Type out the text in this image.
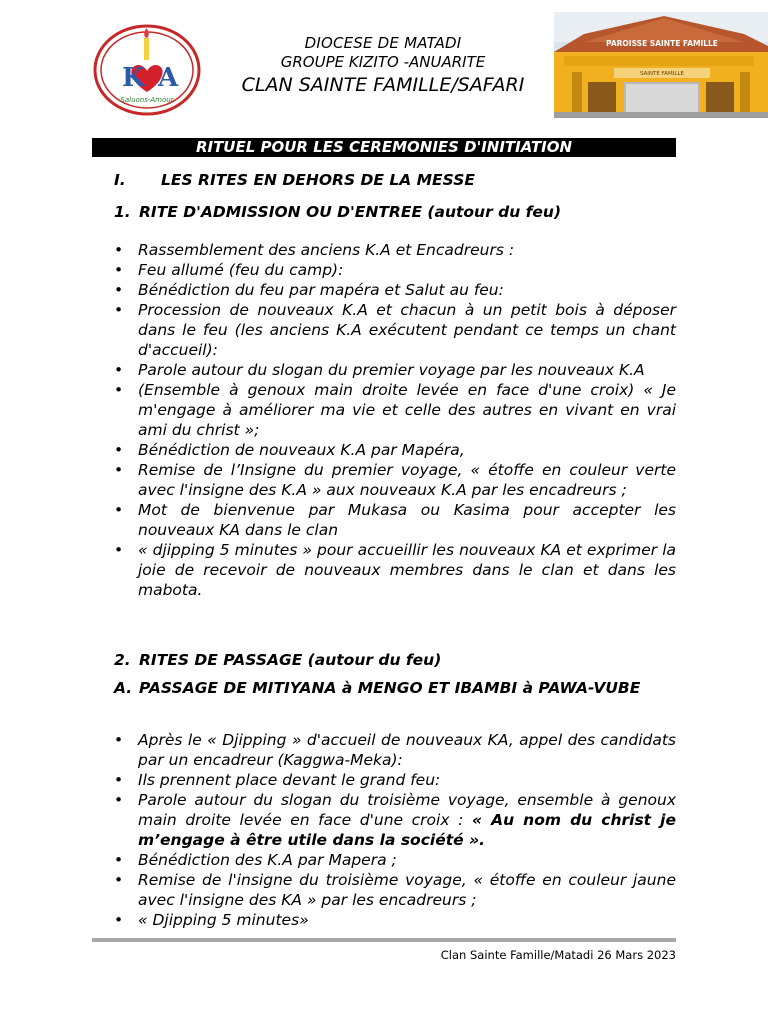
K A
Saluons-Amour
PAROISSE SAINTE FAMILLE
SAINTE FAMILLE
DIOCESE DE MATADI
GROUPE KIZITO -ANUARITE
CLAN SAINTE FAMILLE/SAFARI
RITUEL POUR LES CEREMONIES D'INITIATION
I. LES RITES EN DEHORS DE LA MESSE
1. RITE D'ADMISSION OU D'ENTREE (autour du feu)
• Rassemblement des anciens K.A et Encadreurs :
• Feu allumé (feu du camp):
• Bénédiction du feu par mapéra et Salut au feu:
• Procession de nouveaux K.A et chacun à un petit bois à déposer dans le feu (les anciens K.A exécutent pendant ce temps un chant d'accueil):
• Parole autour du slogan du premier voyage par les nouveaux K.A
• (Ensemble à genoux main droite levée en face d'une croix) « Je m'engage à améliorer ma vie et celle des autres en vivant en vrai ami du christ »;
• Bénédiction de nouveaux K.A par Mapéra,
• Remise de l’Insigne du premier voyage, « étoffe en couleur verte avec l'insigne des K.A » aux nouveaux K.A par les encadreurs ;
• Mot de bienvenue par Mukasa ou Kasima pour accepter les nouveaux KA dans le clan
• « djipping 5 minutes » pour accueillir les nouveaux KA et exprimer la joie de recevoir de nouveaux membres dans le clan et dans les mabota.
2. RITES DE PASSAGE (autour du feu)
A. PASSAGE DE MITIYANA à MENGO ET IBAMBI à PAWA-VUBE
• Après le « Djipping » d'accueil de nouveaux KA, appel des candidats par un encadreur (Kaggwa-Meka):
• Ils prennent place devant le grand feu:
• Parole autour du slogan du troisième voyage, ensemble à genoux main droite levée en face d'une croix : « Au nom du christ je m’engage à être utile dans la société ».
• Bénédiction des K.A par Mapera ;
• Remise de l'insigne du troisième voyage, « étoffe en couleur jaune avec l'insigne des KA » par les encadreurs ;
• « Djipping 5 minutes»
Clan Sainte Famille/Matadi 26 Mars 2023
